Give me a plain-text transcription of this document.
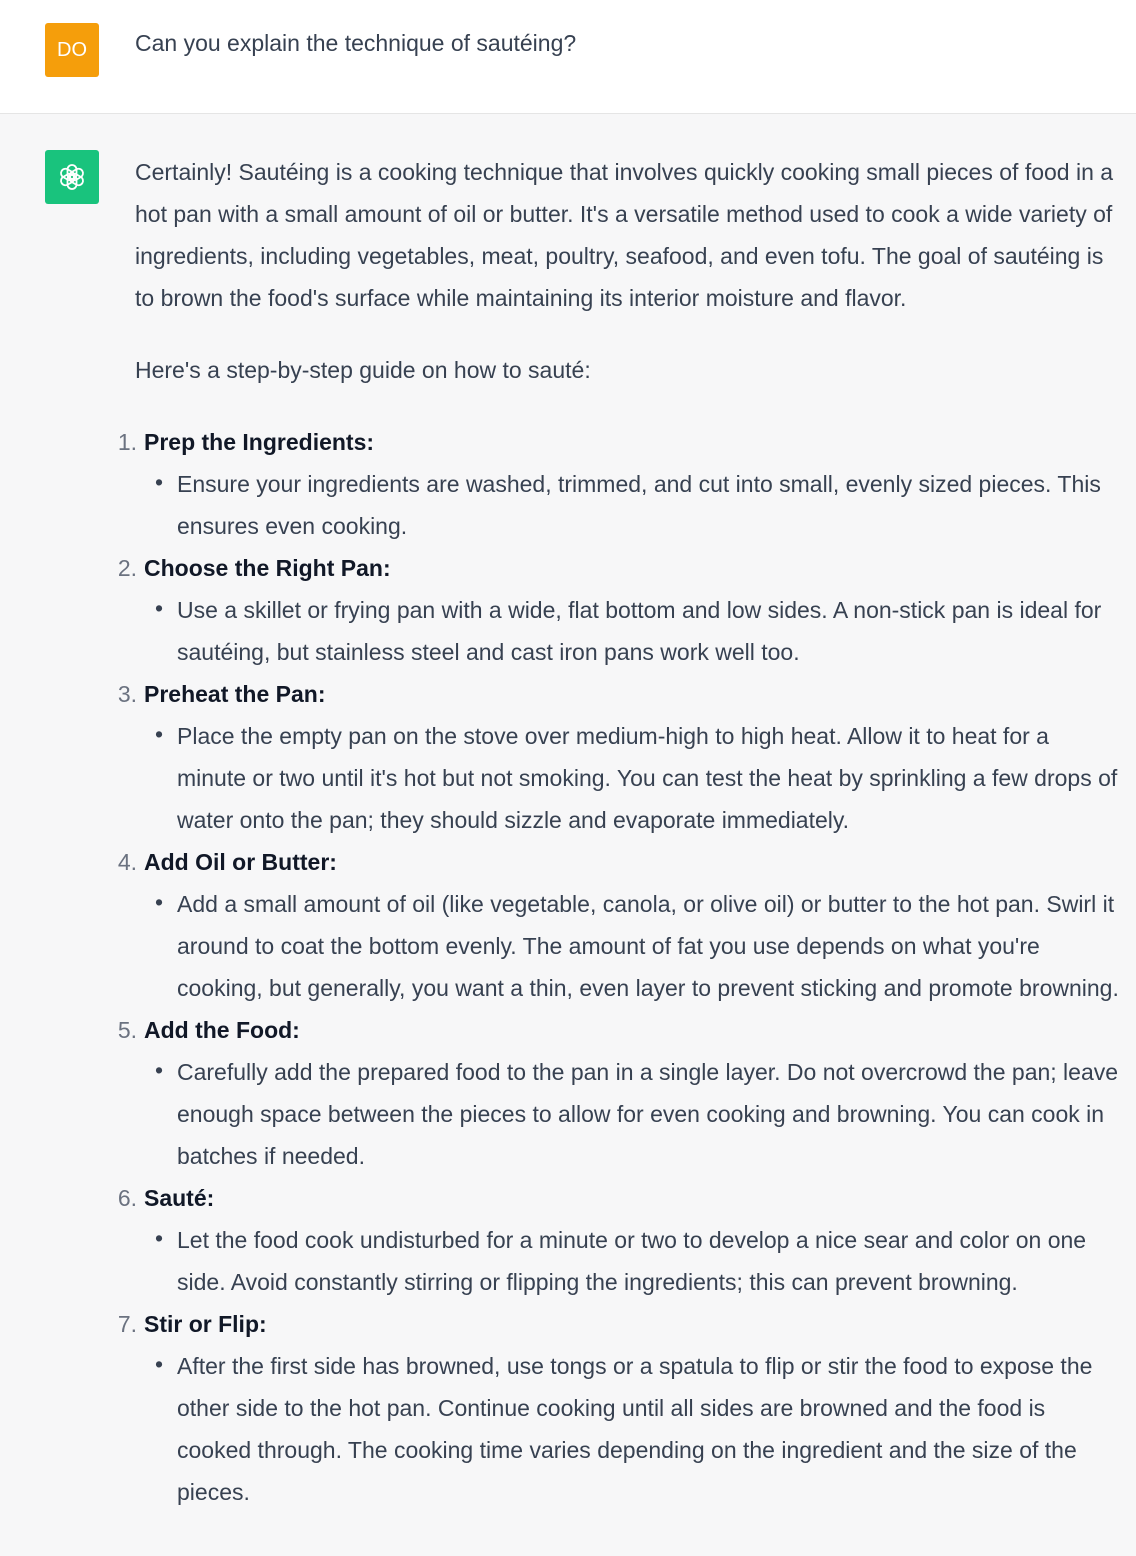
DO	Can you explain the technique of sautéing?

Certainly! Sautéing is a cooking technique that involves quickly cooking small pieces of food in a hot pan with a small amount of oil or butter. It's a versatile method used to cook a wide variety of ingredients, including vegetables, meat, poultry, seafood, and even tofu. The goal of sautéing is to brown the food's surface while maintaining its interior moisture and flavor.

Here's a step-by-step guide on how to sauté:

1. Prep the Ingredients:
• Ensure your ingredients are washed, trimmed, and cut into small, evenly sized pieces. This ensures even cooking.
2. Choose the Right Pan:
• Use a skillet or frying pan with a wide, flat bottom and low sides. A non-stick pan is ideal for sautéing, but stainless steel and cast iron pans work well too.
3. Preheat the Pan:
• Place the empty pan on the stove over medium-high to high heat. Allow it to heat for a minute or two until it's hot but not smoking. You can test the heat by sprinkling a few drops of water onto the pan; they should sizzle and evaporate immediately.
4. Add Oil or Butter:
• Add a small amount of oil (like vegetable, canola, or olive oil) or butter to the hot pan. Swirl it around to coat the bottom evenly. The amount of fat you use depends on what you're cooking, but generally, you want a thin, even layer to prevent sticking and promote browning.
5. Add the Food:
• Carefully add the prepared food to the pan in a single layer. Do not overcrowd the pan; leave enough space between the pieces to allow for even cooking and browning. You can cook in batches if needed.
6. Sauté:
• Let the food cook undisturbed for a minute or two to develop a nice sear and color on one side. Avoid constantly stirring or flipping the ingredients; this can prevent browning.
7. Stir or Flip:
• After the first side has browned, use tongs or a spatula to flip or stir the food to expose the other side to the hot pan. Continue cooking until all sides are browned and the food is cooked through. The cooking time varies depending on the ingredient and the size of the pieces.
